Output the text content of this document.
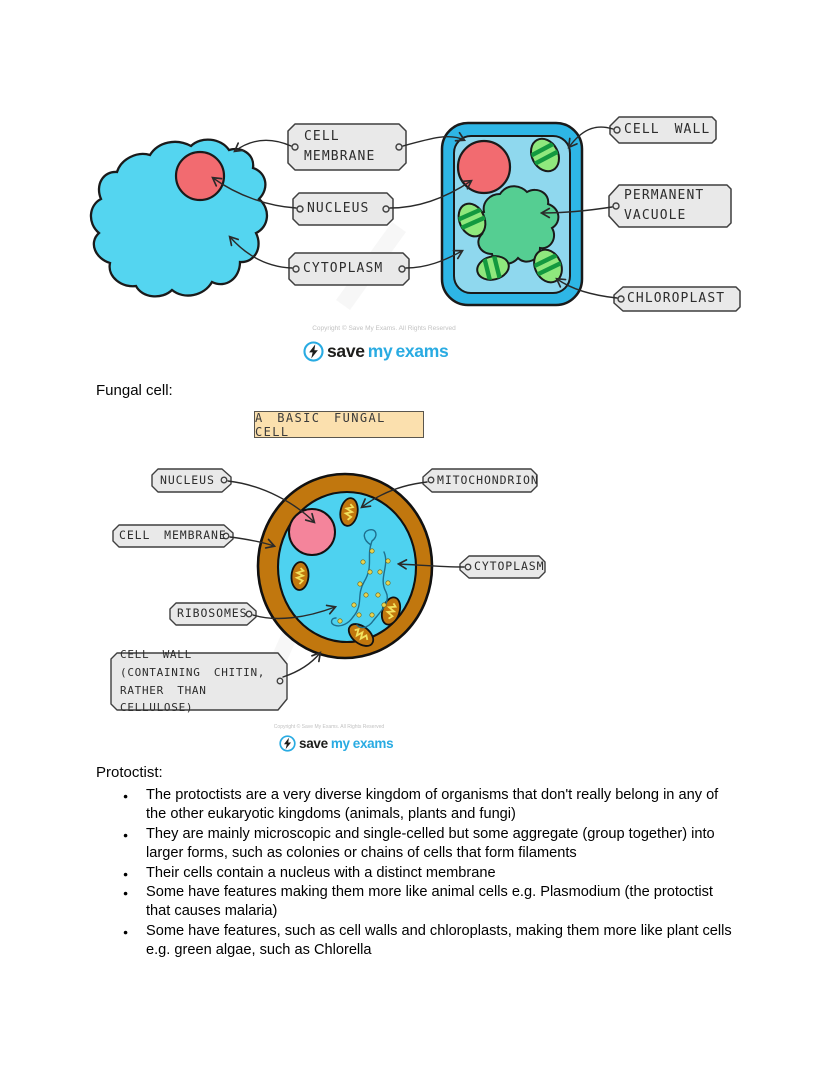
CELL
MEMBRANE
NUCLEUS
CYTOPLASM
CELL WALL
PERMANENT
VACUOLE
CHLOROPLAST
Copyright © Save My Exams. All Rights Reserved
save my exams
Fungal cell:
A BASIC FUNGAL CELL
NUCLEUS
CELL MEMBRANE
RIBOSOMES
CELL WALL
(CONTAINING CHITIN,
RATHER THAN CELLULOSE)
MITOCHONDRION
CYTOPLASM
Copyright © Save My Exams. All Rights Reserved
save my exams
Protoctist:
● The protoctists are a very diverse kingdom of organisms that don't really belong in any of the other eukaryotic kingdoms (animals, plants and fungi)
● They are mainly microscopic and single-celled but some aggregate (group together) into larger forms, such as colonies or chains of cells that form filaments
● Their cells contain a nucleus with a distinct membrane
● Some have features making them more like animal cells e.g. Plasmodium (the protoctist that causes malaria)
● Some have features, such as cell walls and chloroplasts, making them more like plant cells e.g. green algae, such as Chlorella
